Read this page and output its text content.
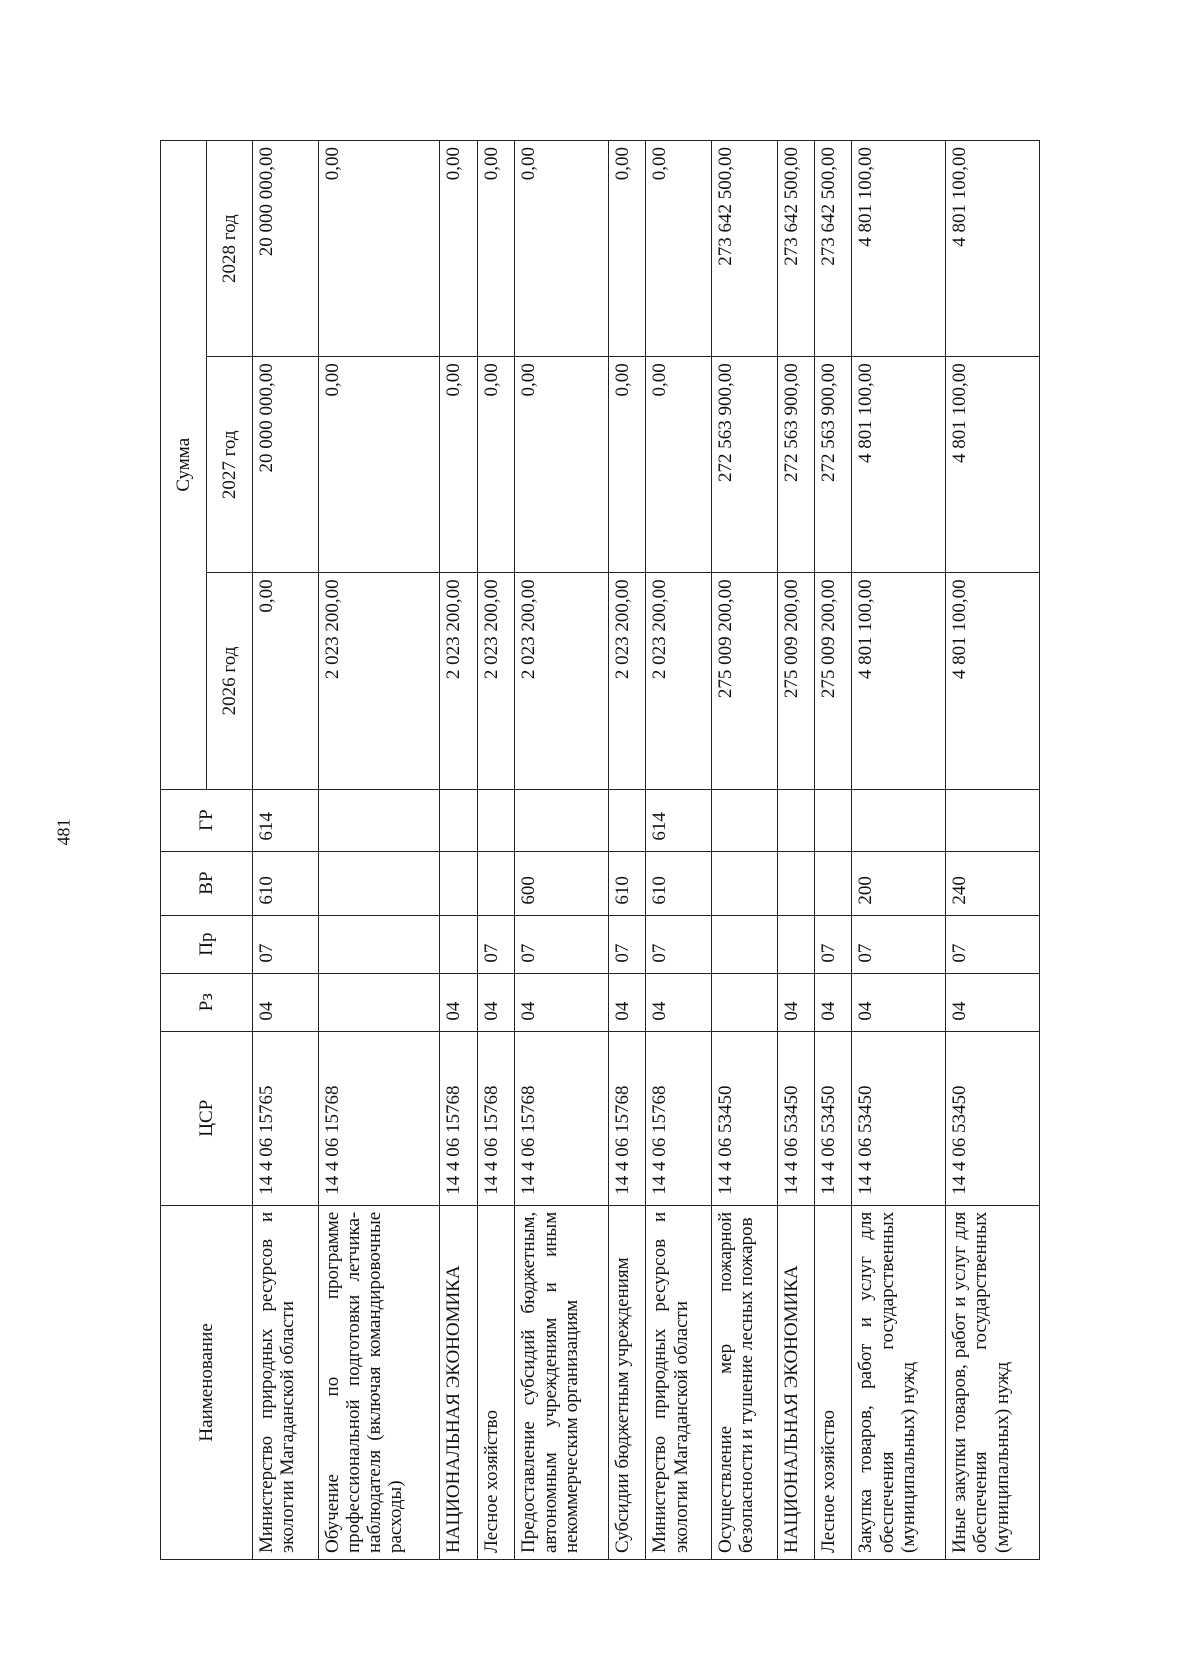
481
Наименование	ЦСР	Рз	Пр	ВР	ГР	Сумма		
						2026 год	2027 год	2028 год
Министерство природных ресурсов и экологии Магаданской области	14 4 06 15765	04	07	610	614	0,00	20 000 000,00	20 000 000,00
Обучение по программе профессиональной подготовки летчика-наблюдателя (включая командировочные расходы)	14 4 06 15768					2 023 200,00	0,00	0,00
НАЦИОНАЛЬНАЯ ЭКОНОМИКА	14 4 06 15768	04				2 023 200,00	0,00	0,00
Лесное хозяйство	14 4 06 15768	04	07			2 023 200,00	0,00	0,00
Предоставление субсидий бюджетным, автономным учреждениям и иным некоммерческим организациям	14 4 06 15768	04	07	600		2 023 200,00	0,00	0,00
Субсидии бюджетным учреждениям	14 4 06 15768	04	07	610		2 023 200,00	0,00	0,00
Министерство природных ресурсов и экологии Магаданской области	14 4 06 15768	04	07	610	614	2 023 200,00	0,00	0,00
Осуществление мер пожарной безопасности и тушение лесных пожаров	14 4 06 53450					275 009 200,00	272 563 900,00	273 642 500,00
НАЦИОНАЛЬНАЯ ЭКОНОМИКА	14 4 06 53450	04				275 009 200,00	272 563 900,00	273 642 500,00
Лесное хозяйство	14 4 06 53450	04	07			275 009 200,00	272 563 900,00	273 642 500,00
Закупка товаров, работ и услуг для обеспечения государственных (муниципальных) нужд	14 4 06 53450	04	07	200		4 801 100,00	4 801 100,00	4 801 100,00
Иные закупки товаров, работ и услуг для обеспечения государственных (муниципальных) нужд	14 4 06 53450	04	07	240		4 801 100,00	4 801 100,00	4 801 100,00
